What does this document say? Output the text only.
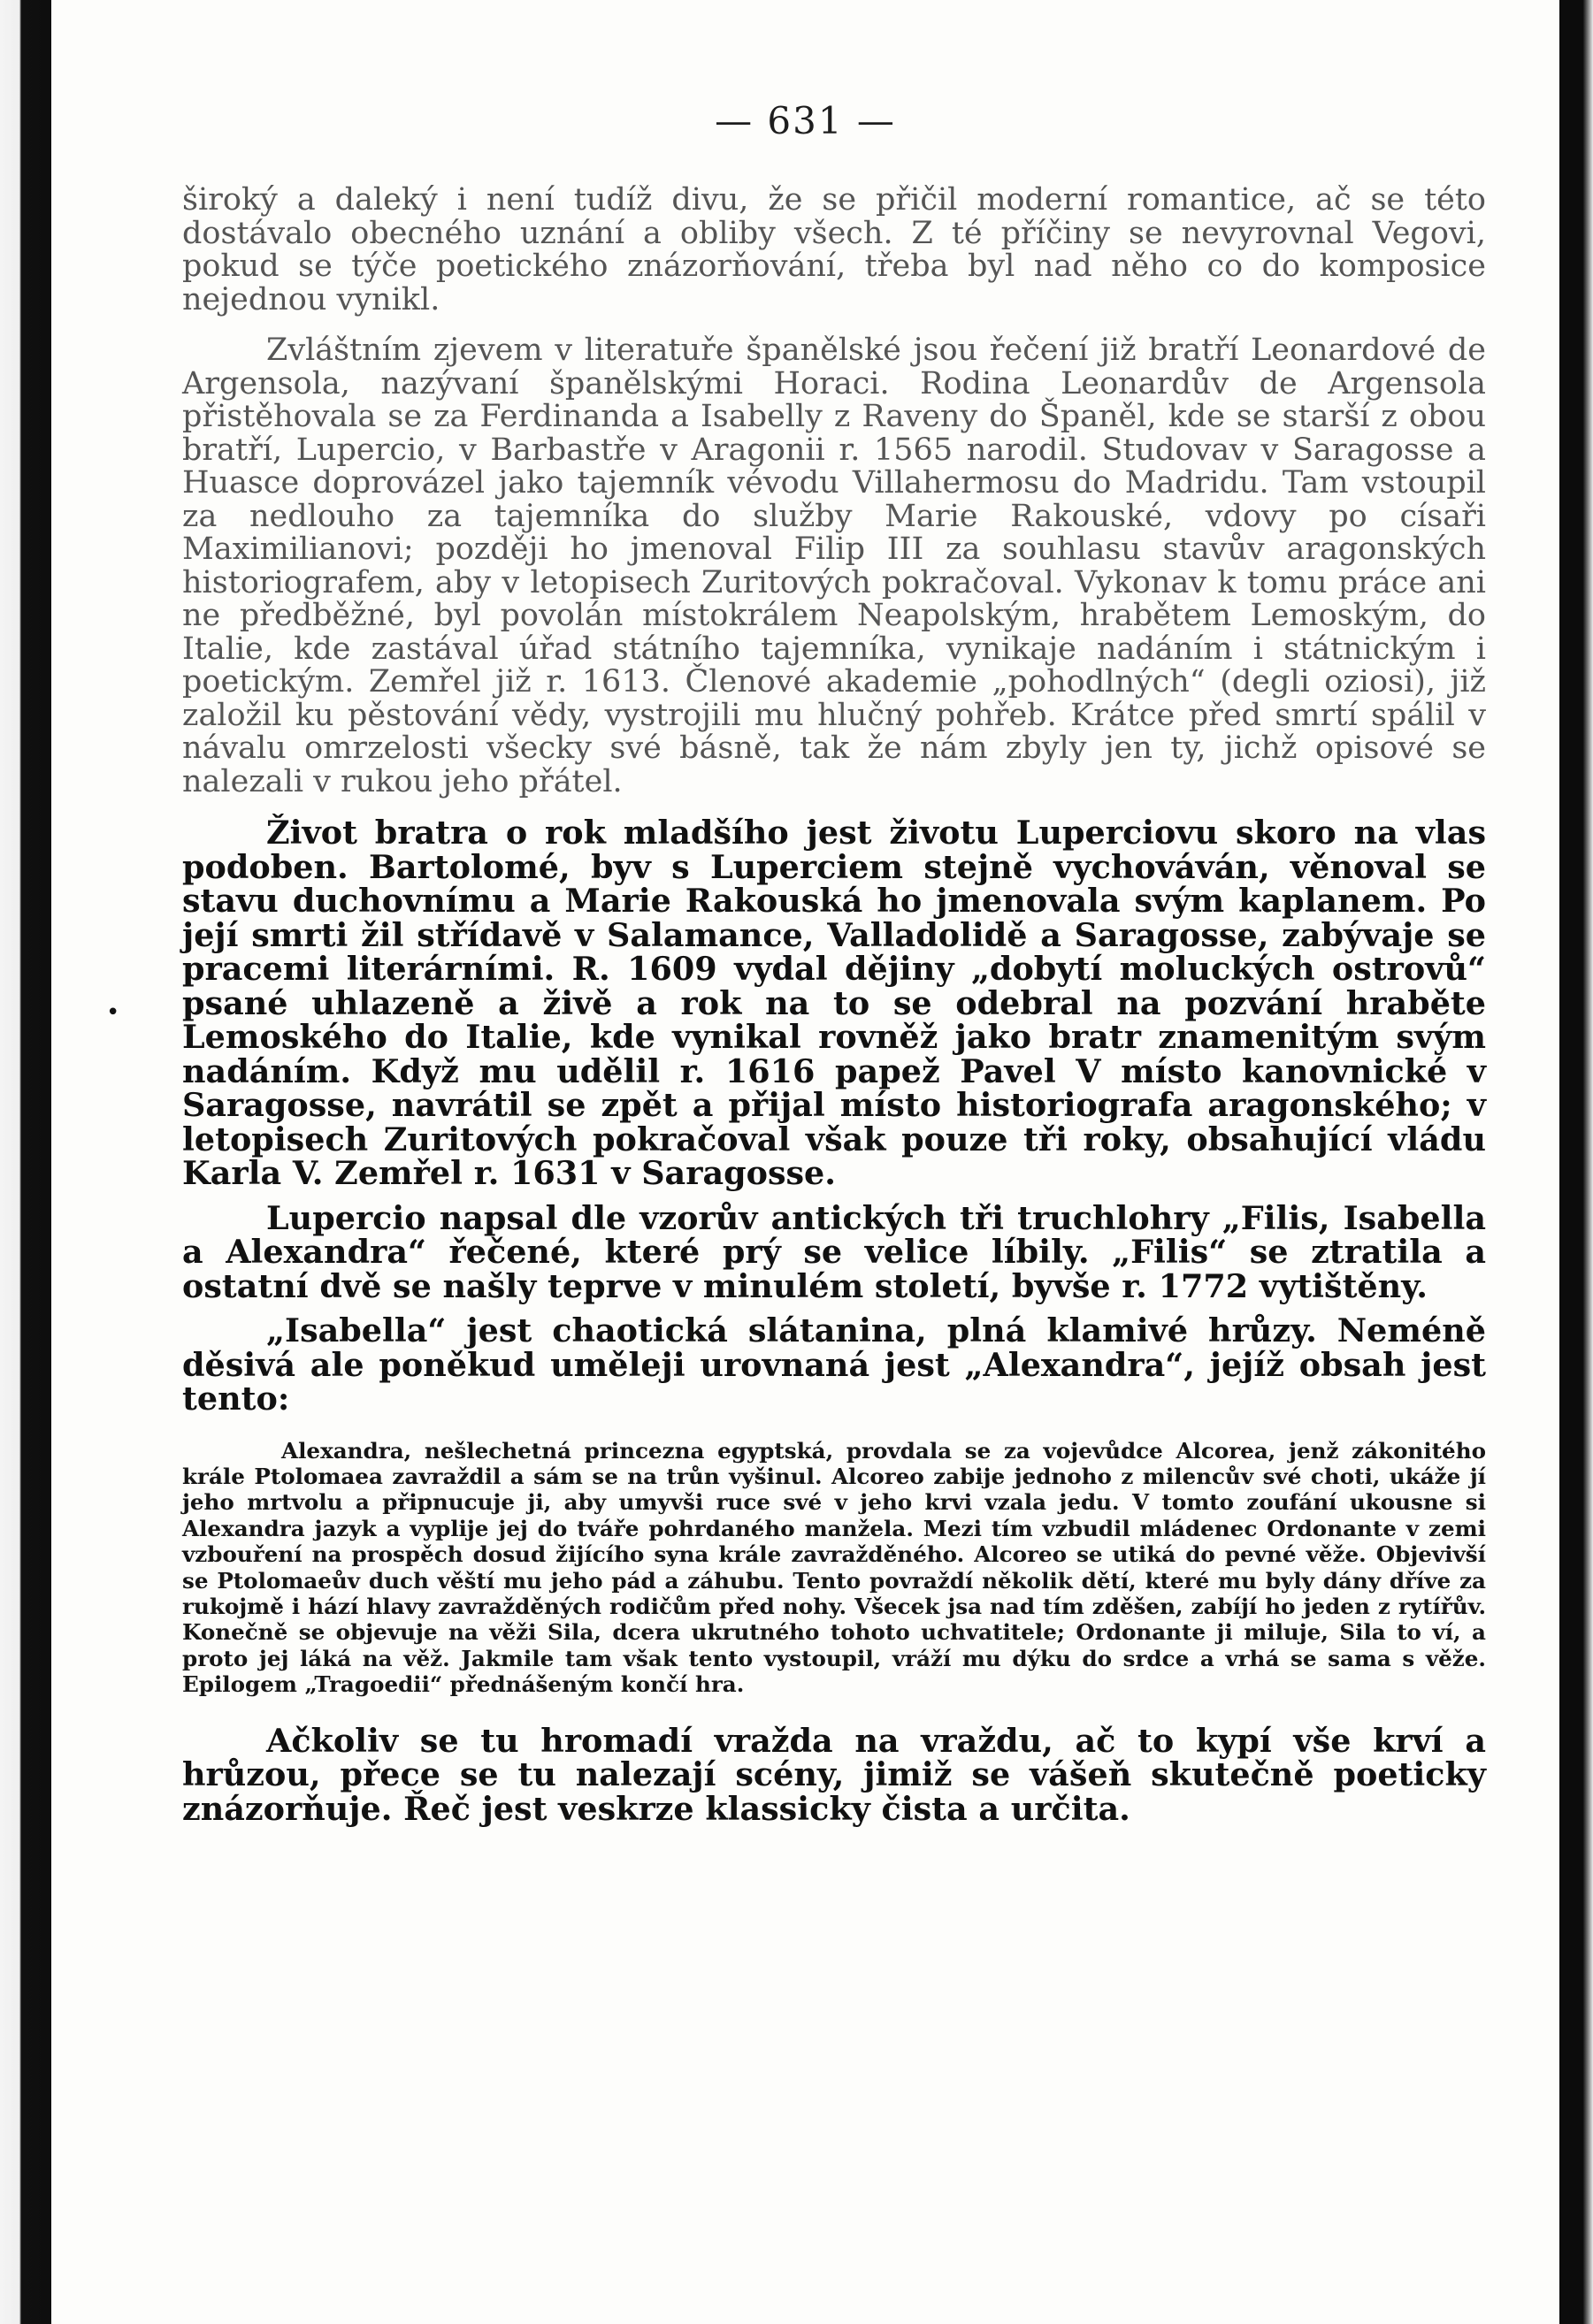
— 631 —
•

široký a daleký i není tudíž divu, že se přičil moderní romantice, ač se této dostávalo obecného uznání a obliby všech. Z té příčiny se nevyrovnal Vegovi, pokud se týče poetického znázorňování, třeba byl nad něho co do komposice nejednou vynikl.

Zvláštním zjevem v literatuře španělské jsou řečení již bratří Leonardové de Argensola, nazývaní španělskými Horaci. Rodina Leonardův de Argensola přistěhovala se za Ferdinanda a Isabelly z Raveny do Španěl, kde se starší z obou bratří, Lupercio, v Barbastře v Aragonii r. 1565 narodil. Studovav v Saragosse a Huasce doprovázel jako tajemník vévodu Villahermosu do Madridu. Tam vstoupil za nedlouho za tajemníka do služby Marie Rakouské, vdovy po císaři Maximilianovi; později ho jmenoval Filip III za souhlasu stavův aragonských historiografem, aby v letopisech Zuritových pokračoval. Vykonav k tomu práce ani ne předběžné, byl povolán místokrálem Neapolským, hrabětem Lemoským, do Italie, kde zastával úřad státního tajemníka, vynikaje nadáním i státnickým i poetickým. Zemřel již r. 1613. Členové akademie „pohodlných“ (degli oziosi), již založil ku pěstování vědy, vystrojili mu hlučný pohřeb. Krátce před smrtí spálil v návalu omrzelosti všecky své básně, tak že nám zbyly jen ty, jichž opisové se nalezali v rukou jeho přátel.

Život bratra o rok mladšího jest životu Luperciovu skoro na vlas podoben. Bartolomé, byv s Luperciem stejně vychováván, věnoval se stavu duchovnímu a Marie Rakouská ho jmenovala svým kaplanem. Po její smrti žil střídavě v Salamance, Valladolidě a Saragosse, zabývaje se pracemi literárními. R. 1609 vydal dějiny „dobytí moluckých ostrovů“ psané uhlazeně a živě a rok na to se odebral na pozvání hraběte Lemoského do Italie, kde vynikal rovněž jako bratr znamenitým svým nadáním. Když mu udělil r. 1616 papež Pavel V místo kanovnické v Saragosse, navrátil se zpět a přijal místo historiografa aragonského; v letopisech Zuritových pokračoval však pouze tři roky, obsahující vládu Karla V. Zemřel r. 1631 v Saragosse.

Lupercio napsal dle vzorův antických tři truchlohry „Filis, Isabella a Alexandra“ řečené, které prý se velice líbily. „Filis“ se ztratila a ostatní dvě se našly teprve v minulém století, byvše r. 1772 vytištěny.

„Isabella“ jest chaotická slátanina, plná klamivé hrůzy. Neméně děsivá ale poněkud uměleji urovnaná jest „Alexandra“, jejíž obsah jest tento:

Alexandra, nešlechetná princezna egyptská, provdala se za vojevůdce Alcorea, jenž zákonitého krále Ptolomaea zavraždil a sám se na trůn vyšinul. Alcoreo zabije jednoho z milencův své choti, ukáže jí jeho mrtvolu a připnucuje ji, aby umyvši ruce své v jeho krvi vzala jedu. V tomto zoufání ukousne si Alexandra jazyk a vyplije jej do tváře pohrdaného manžela. Mezi tím vzbudil mládenec Ordonante v zemi vzbouření na prospěch dosud žijícího syna krále zavražděného. Alcoreo se utiká do pevné věže. Objevivší se Ptolomaeův duch věští mu jeho pád a záhubu. Tento povraždí několik dětí, které mu byly dány dříve za rukojmě i hází hlavy zavražděných rodičům před nohy. Všecek jsa nad tím zděšen, zabíjí ho jeden z rytířův. Konečně se objevuje na věži Sila, dcera ukrutného tohoto uchvatitele; Ordonante ji miluje, Sila to ví, a proto jej láká na věž. Jakmile tam však tento vystoupil, vráží mu dýku do srdce a vrhá se sama s věže. Epilogem „Tragoedii“ přednášeným končí hra.

Ačkoliv se tu hromadí vražda na vraždu, ač to kypí vše krví a hrůzou, přece se tu nalezají scény, jimiž se vášeň skutečně poeticky znázorňuje. Řeč jest veskrze klassicky čista a určita.
